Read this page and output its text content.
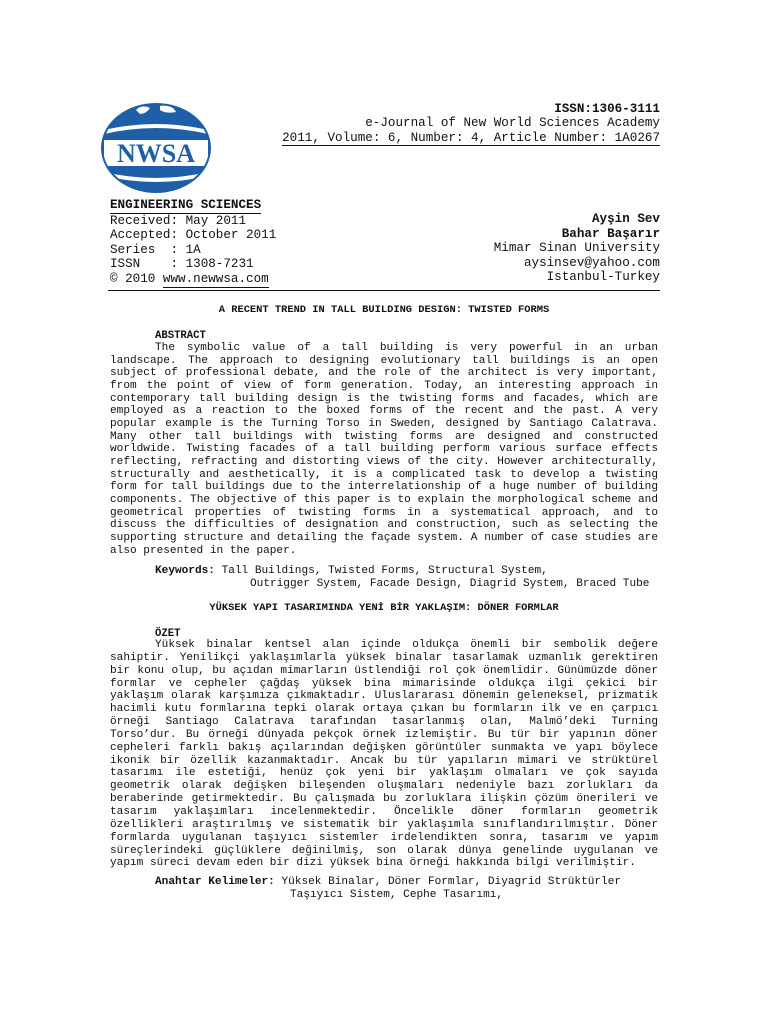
NWSA
ISSN:1306-3111
e-Journal of New World Sciences Academy
2011, Volume: 6, Number: 4, Article Number: 1A0267
ENGINEERING SCIENCES
Received: May 2011
Accepted: October 2011
Series  : 1A
ISSN    : 1308-7231
© 2010 www.newwsa.com
Ayşin Sev
Bahar Başarır
Mimar Sinan University
aysinsev@yahoo.com
Istanbul-Turkey
A RECENT TREND IN TALL BUILDING DESIGN: TWISTED FORMS
ABSTRACT

The symbolic value of a tall building is very powerful in an urban landscape. The approach to designing evolutionary tall buildings is an open subject of professional debate, and the role of the architect is very important, from the point of view of form generation. Today, an interesting approach in contemporary tall building design is the twisting forms and facades, which are employed as a reaction to the boxed forms of the recent and the past. A very popular example is the Turning Torso in Sweden, designed by Santiago Calatrava. Many other tall buildings with twisting forms are designed and constructed worldwide. Twisting facades of a tall building perform various surface effects reflecting, refracting and distorting views of the city. However architecturally, structurally and aesthetically, it is a complicated task to develop a twisting form for tall buildings due to the interrelationship of a huge number of building components. The objective of this paper is to explain the morphological scheme and geometrical properties of twisting forms in a systematical approach, and to discuss the difficulties of designation and construction, such as selecting the supporting structure and detailing the façade system. A number of case studies are also presented in the paper.

Keywords: Tall Buildings, Twisted Forms, Structural System,
Outrigger System, Facade Design, Diagrid System, Braced Tube
YÜKSEK YAPI TASARIMINDA YENİ BİR YAKLAŞIM: DÖNER FORMLAR
ÖZET

Yüksek binalar kentsel alan içinde oldukça önemli bir sembolik değere sahiptir. Yenilikçi yaklaşımlarla yüksek binalar tasarlamak uzmanlık gerektiren bir konu olup, bu açıdan mimarların üstlendiği rol çok önemlidir. Günümüzde döner formlar ve cepheler çağdaş yüksek bina mimarisinde oldukça ilgi çekici bir yaklaşım olarak karşımıza çıkmaktadır. Uluslararası dönemin geleneksel, prizmatik hacimli kutu formlarına tepki olarak ortaya çıkan bu formların ilk ve en çarpıcı örneği Santiago Calatrava tarafından tasarlanmış olan, Malmö’deki Turning Torso’dur. Bu örneği dünyada pekçok örnek izlemiştir. Bu tür bir yapının döner cepheleri farklı bakış açılarından değişken görüntüler sunmakta ve yapı böylece ikonik bir özellik kazanmaktadır. Ancak bu tür yapıların mimari ve strüktürel tasarımı ile estetiği, henüz çok yeni bir yaklaşım olmaları ve çok sayıda geometrik olarak değişken bileşenden oluşmaları nedeniyle bazı zorlukları da beraberinde getirmektedir. Bu çalışmada bu zorluklara ilişkin çözüm önerileri ve tasarım yaklaşımları incelenmektedir. Öncelikle döner formların geometrik özellikleri araştırılmış ve sistematik bir yaklaşımla sınıflandırılmıştır. Döner formlarda uygulanan taşıyıcı sistemler irdelendikten sonra, tasarım ve yapım süreçlerindeki güçlüklere değinilmiş, son olarak dünya genelinde uygulanan ve yapım süreci devam eden bir dizi yüksek bina örneği hakkında bilgi verilmiştir.

Anahtar Kelimeler: Yüksek Binalar, Döner Formlar, Diyagrid Strüktürler
Taşıyıcı Sistem, Cephe Tasarımı,
